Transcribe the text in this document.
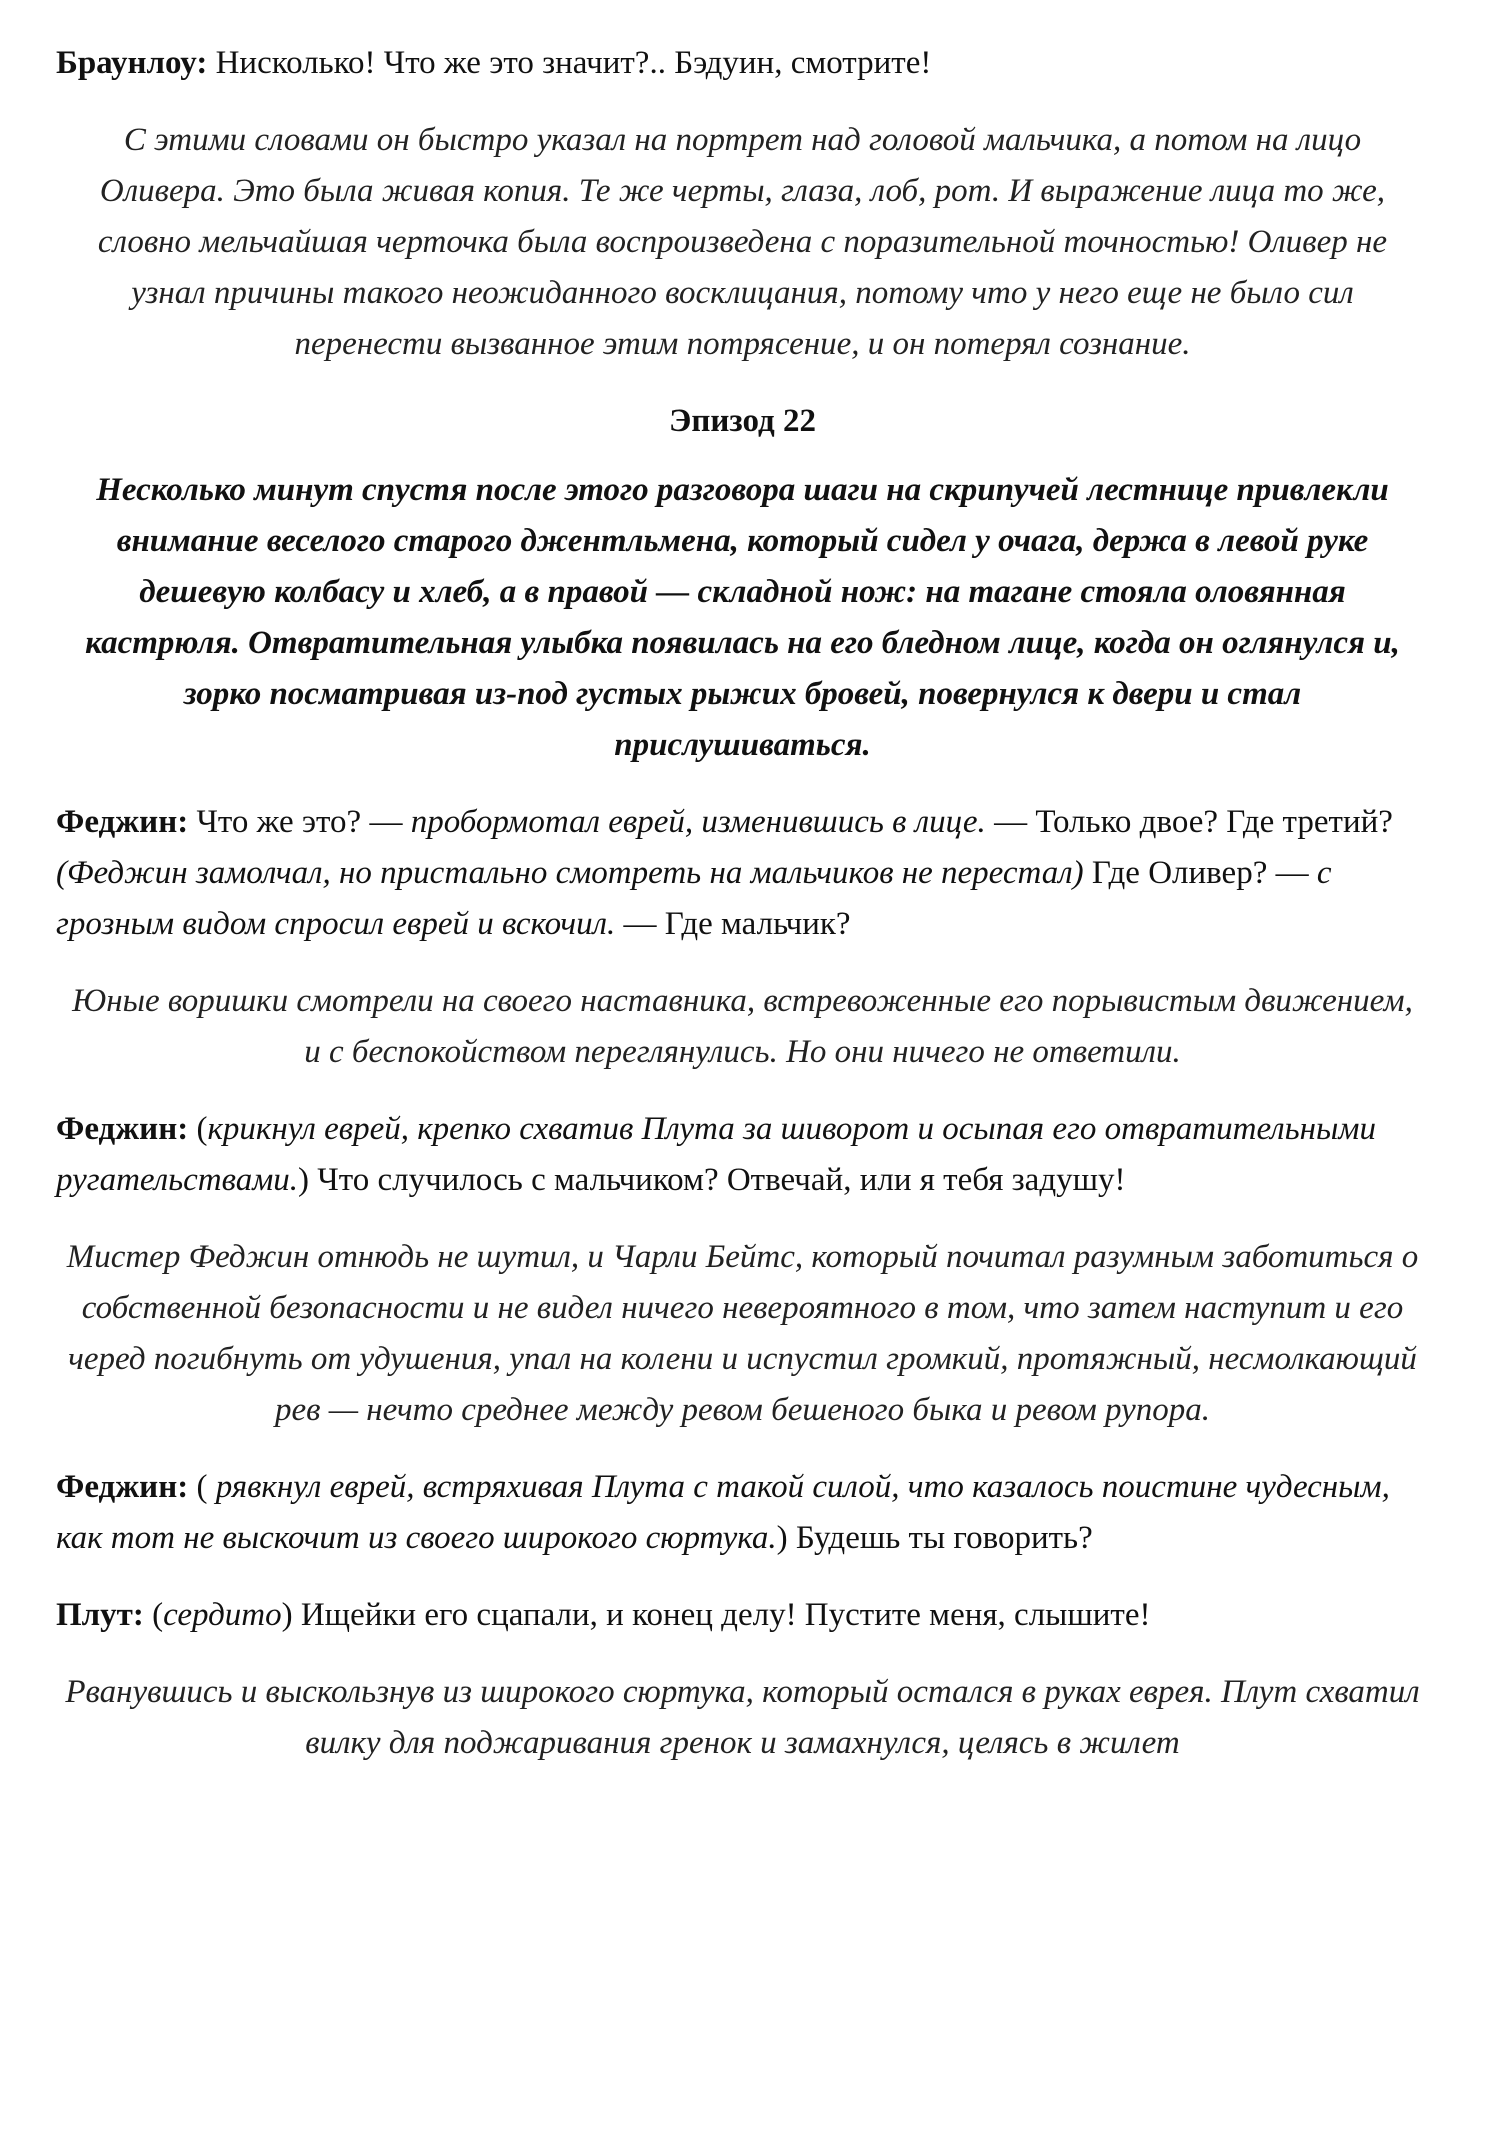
Браунлоу: Нисколько! Что же это значит?.. Бэдуин, смотрите!

С этими словами он быстро указал на портрет над головой мальчика, а потом на лицо Оливера. Это была живая копия. Те же черты, глаза, лоб, рот. И выражение лица то же, словно мельчайшая черточка была воспроизведена с поразительной точностью! Оливер не узнал причины такого неожиданного восклицания, потому что у него еще не было сил перенести вызванное этим потрясение, и он потерял сознание.

Эпизод 22

Несколько минут спустя после этого разговора шаги на скрипучей лестнице привлекли внимание веселого старого джентльмена, который сидел у очага, держа в левой руке дешевую колбасу и хлеб, а в правой — складной нож: на тагане стояла оловянная кастрюля. Отвратительная улыбка появилась на его бледном лице, когда он оглянулся и, зорко посматривая из-под густых рыжих бровей, повернулся к двери и стал прислушиваться.

Феджин: Что же это? — пробормотал еврей, изменившись в лице. — Только двое? Где третий? (Феджин замолчал, но пристально смотреть на мальчиков не перестал) Где Оливер? — с грозным видом спросил еврей и вскочил. — Где мальчик?

Юные воришки смотрели на своего наставника, встревоженные его порывистым движением, и с беспокойством переглянулись. Но они ничего не ответили.

Феджин: (крикнул еврей, крепко схватив Плута за шиворот и осыпая его отвратительными ругательствами.) Что случилось с мальчиком? Отвечай, или я тебя задушу!

Мистер Феджин отнюдь не шутил, и Чарли Бейтс, который почитал разумным заботиться о собственной безопасности и не видел ничего невероятного в том, что затем наступит и его черед погибнуть от удушения, упал на колени и испустил громкий, протяжный, несмолкающий рев — нечто среднее между ревом бешеного быка и ревом рупора.

Феджин: ( рявкнул еврей, встряхивая Плута с такой силой, что казалось поистине чудесным, как тот не выскочит из своего широкого сюртука.) Будешь ты говорить?

Плут: (сердито) Ищейки его сцапали, и конец делу! Пустите меня, слышите!

Рванувшись и выскользнув из широкого сюртука, который остался в руках еврея. Плут схватил вилку для поджаривания гренок и замахнулся, целясь в жилет
